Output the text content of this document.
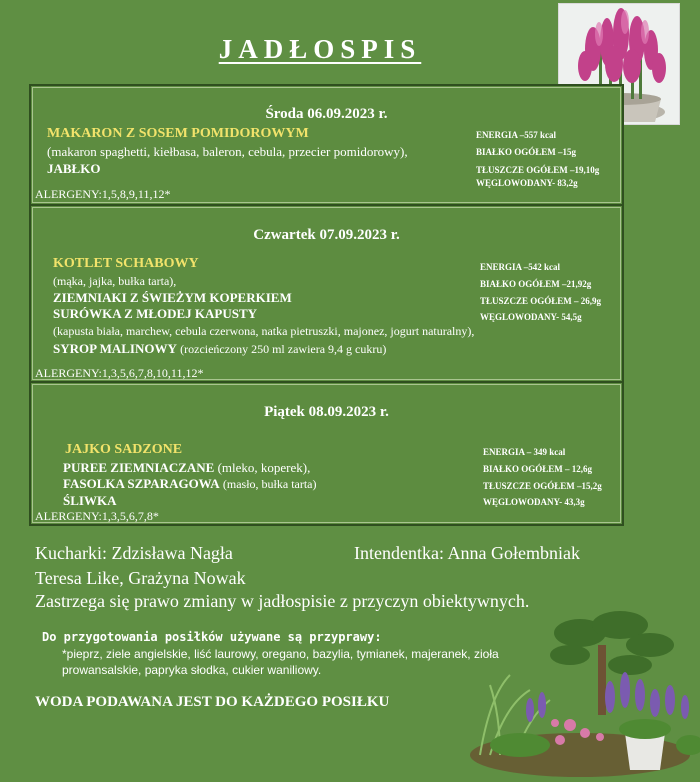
JADŁOSPIS
Środa 06.09.2023 r.
MAKARON Z SOSEM POMIDOROWYM
(makaron spaghetti, kiełbasa, baleron, cebula, przecier pomidorowy),
JABŁKO
ENERGIA –557 kcal
BIAŁKO OGÓŁEM –15g
TŁUSZCZE OGÓŁEM –19,10g
WĘGLOWODANY- 83,2g
ALERGENY:1,5,8,9,11,12*
Czwartek 07.09.2023 r.
KOTLET SCHABOWY
(mąka, jajka, bułka tarta),
ZIEMNIAKI Z ŚWIEŻYM KOPERKIEM
SURÓWKA Z MŁODEJ KAPUSTY
(kapusta biała, marchew, cebula czerwona, natka pietruszki, majonez, jogurt naturalny),
SYROP MALINOWY (rozcieńczony 250 ml zawiera 9,4 g cukru)
ENERGIA –542 kcal
BIAŁKO OGÓŁEM –21,92g
TŁUSZCZE OGÓŁEM – 26,9g
WĘGLOWODANY- 54,5g
ALERGENY:1,3,5,6,7,8,10,11,12*
Piątek 08.09.2023 r.
JAJKO SADZONE
PUREE ZIEMNIACZANE (mleko, koperek),
FASOLKA SZPARAGOWA (masło, bułka tarta)
ŚLIWKA
ENERGIA – 349 kcal
BIAŁKO OGÓŁEM – 12,6g
TŁUSZCZE OGÓŁEM –15,2g
WĘGLOWODANY- 43,3g
ALERGENY:1,3,5,6,7,8*
Kucharki: Zdzisława Nagła	Intendentka: Anna Gołembniak
Teresa Like, Grażyna Nowak
Zastrzega się prawo zmiany w jadłospisie z przyczyn obiektywnych.
Do przygotowania posiłków używane są przyprawy:
*pieprz, ziele angielskie, liść laurowy, oregano, bazylia, tymianek, majeranek, zioła
prowansalskie, papryka słodka, cukier waniliowy.
WODA PODAWANA JEST DO KAŻDEGO POSIŁKU
